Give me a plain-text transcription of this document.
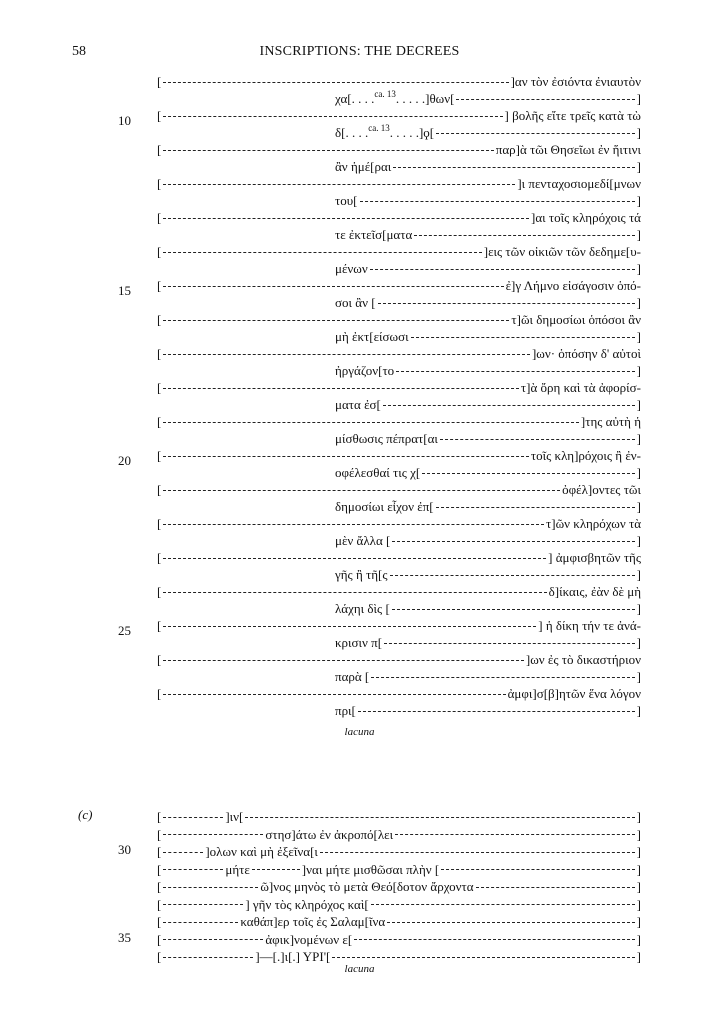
58	INSCRIPTIONS: THE DECREES
[	]αν τὸν ἐσιόντα ἐνιαυτὸν
χα[. . . . ca. 13 . . . . .]θων[	]
[	] βολῆς εἴτε τρεῖς κατὰ τὼ
δ[. . . . ca. 13 . . . . .]ϙ[	]
[	παρ]ὰ τῶι Θησεῖωι ἐν ἥιτινι
ἂν ἡμέ[ραι	]
[	]ι πενταχοσιομεδί[μνων
του[	]
[	]αι τοῖς κληρόχοις τά
τε ἐκτεῖσ[ματα	]
[	]εις τῶν οἰκιῶν τῶν δεδημε[υ-
μένων	]
[	ἐ]γ Λήμνο εἰσάγοσιν ὁπό-
σοι ἂν [	]
[	τ]ῶι δημοσίωι ὁπόσοι ἂν
μὴ ἐκτ[είσωσι	]
[	]ων· ὁπόσην δ' αὐτοὶ
ἠργάζον[το	]
[	τ]ὰ ὄρη καὶ τὰ ἀφορίσ-
ματα ἐσ[	]
[	]της αὐτὴ ἡ
μίσθωσις πέπρατ[αι	]
[	τοῖς κλη]ρόχοις ἢ ἐν-
οφέλεσθαί τις χ[	]
[	ὀφέλ]οντες τῶι
δημοσίωι εἶχον ἐπ[	]
[	τ]ῶν κληρόχων τὰ
μὲν ἄλλα [	]
[	] ἀμφισβητῶν τῆς
γῆς ἢ τῆ[ς	]
[	δ]ίκαις, ἐὰν δὲ μὴ
λάχηι δὶς [	]
[	] ἡ δίκη τήν τε ἀνά-
κρισιν π[	]
[	]ων ἐς τὸ δικαστήριον
παρὰ [	]
[	ἀμφι]σ[β]ητῶν ἕνα λόγον
πρι[	]
[	]ιν[	]
[	στησ]άτω ἐν ἀκροπό[λει	]
[	]ολων καὶ μὴ ἐξεῖνα[ι	]
[	μήτε	]ναι μήτε μισθῶσαι πλὴν [	]
[	ῶ]νος μηνὸς τὸ μετὰ Θεό[δοτον ἄρχοντα	]
[	] γῆν τὸς κληρόχος καὶ[	]
[	καθάπ]ερ τοῖς ἐς Σαλαμ[ῖνα	]
[	ἀφικ]νομένων ε[	]
[	]—[.]ι[.] ΥΡΙ'[	]
10
15
20
25
lacuna
(c)
30
35
lacuna
